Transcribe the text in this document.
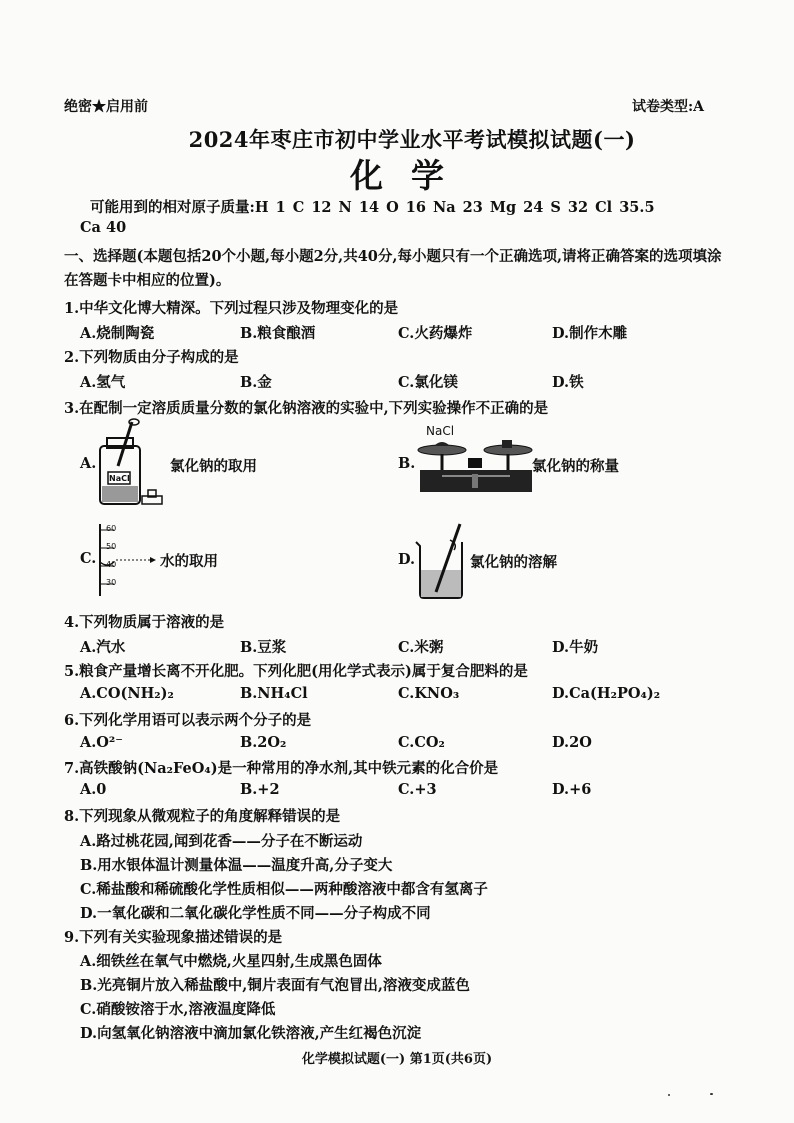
绝密★启用前	试卷类型:A
2024年枣庄市初中学业水平考试模拟试题(一)
化学
可能用到的相对原子质量:H 1 C 12 N 14 O 16 Na 23 Mg 24 S 32 Cl 35.5
Ca 40
一、选择题(本题包括20个小题,每小题2分,共40分,每小题只有一个正确选项,请将正确答案的选项填涂在答题卡中相应的位置)。
1.中华文化博大精深。下列过程只涉及物理变化的是
A.烧制陶瓷	B.粮食酿酒	C.火药爆炸	D.制作木雕
2.下列物质由分子构成的是
A.氢气	B.金	C.氯化镁	D.铁
3.在配制一定溶质质量分数的氯化钠溶液的实验中,下列实验操作不正确的是
A.
NaCl
氯化钠的取用	B.
NaCl
氯化钠的称量
C.
60
50
40
30
水的取用	D.	氯化钠的溶解
4.下列物质属于溶液的是
A.汽水	B.豆浆	C.米粥	D.牛奶
5.粮食产量增长离不开化肥。下列化肥(用化学式表示)属于复合肥料的是
A.CO(NH₂)₂	B.NH₄Cl	C.KNO₃	D.Ca(H₂PO₄)₂
6.下列化学用语可以表示两个分子的是
A.O²⁻	B.2O₂	C.CO₂	D.2O
7.高铁酸钠(Na₂FeO₄)是一种常用的净水剂,其中铁元素的化合价是
A.0	B.+2	C.+3	D.+6
8.下列现象从微观粒子的角度解释错误的是
A.路过桃花园,闻到花香——分子在不断运动
B.用水银体温计测量体温——温度升高,分子变大
C.稀盐酸和稀硫酸化学性质相似——两种酸溶液中都含有氢离子
D.一氧化碳和二氧化碳化学性质不同——分子构成不同
9.下列有关实验现象描述错误的是
A.细铁丝在氧气中燃烧,火星四射,生成黑色固体
B.光亮铜片放入稀盐酸中,铜片表面有气泡冒出,溶液变成蓝色
C.硝酸铵溶于水,溶液温度降低
D.向氢氧化钠溶液中滴加氯化铁溶液,产生红褐色沉淀
化学模拟试题(一) 第1页(共6页)
